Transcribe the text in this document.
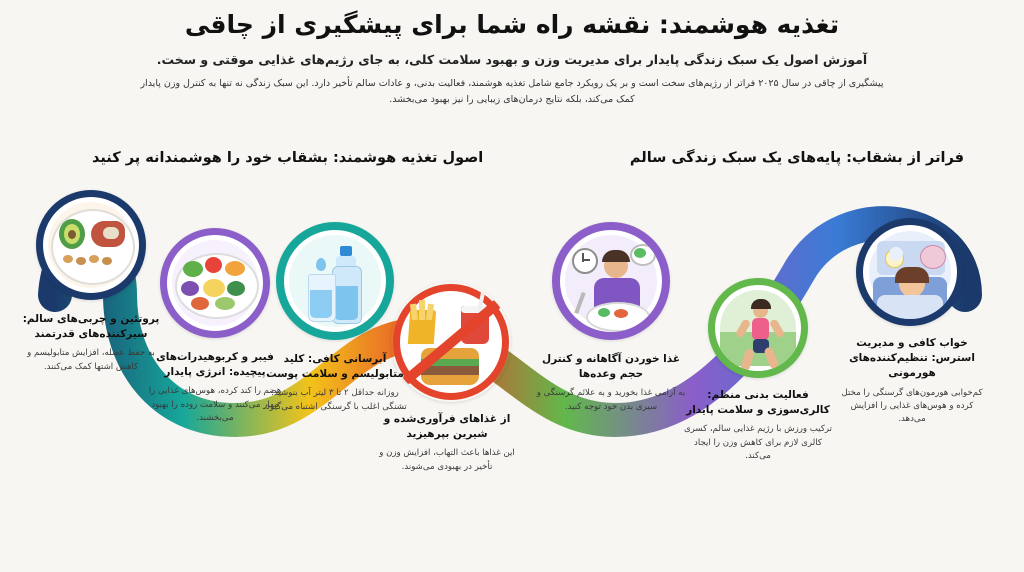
تغذیه هوشمند: نقشه راه شما برای پیشگیری از چاقی
آموزش اصول یک سبک زندگی پایدار برای مدیریت وزن و بهبود سلامت کلی، به جای رژیم‌های غذایی موقتی و سخت.
پیشگیری از چاقی در سال ۲۰۲۵ فراتر از رژیم‌های سخت است و بر یک رویکرد جامع شامل تغذیه هوشمند، فعالیت بدنی، و عادات سالم تأخیر دارد. این سبک زندگی نه تنها به کنترل وزن پایدار کمک می‌کند، بلکه نتایج درمان‌های زیبایی را نیز بهبود می‌بخشد.
فراتر از بشقاب: پایه‌های یک سبک زندگی سالم
اصول تغذیه هوشمند: بشقاب خود را هوشمندانه پر کنید
خواب کافی و مدیریت استرس: تنظیم‌کننده‌های هورمونی
کم‌خوابی هورمون‌های گرسنگی را مختل کرده و هوس‌های غذایی را افزایش می‌دهد.
فعالیت بدنی منظم: کالری‌سوزی و سلامت پایدار
ترکیب ورزش با رژیم غذایی سالم، کسری کالری لازم برای کاهش وزن را ایجاد می‌کند.
غذا خوردن آگاهانه و کنترل حجم وعده‌ها
به آرامی غذا بخورید و به علائم گرسنگی و سیری بدن خود توجه کنید.
از غذاهای فرآوری‌شده و شیرین بپرهیزید
این غذاها باعث التهاب، افزایش وزن و تأخیر در بهبودی می‌شوند.
آبرسانی کافی: کلید متابولیسم و سلامت پوست
روزانه حداقل ۲ تا ۳ لیتر آب بنوشید؛ تشنگی اغلب با گرسنگی اشتباه می‌گیرد.
فیبر و کربوهیدرات‌های پیچیده: انرژی پایدار
هضم را کند کرده، هوس‌های غذایی را مهار می‌کنند و سلامت روده را بهبود می‌بخشند.
پروتئین و چربی‌های سالم: سیرکننده‌های قدرتمند
به حفظ عضله، افزایش متابولیسم و کاهش اشتها کمک می‌کنند.
